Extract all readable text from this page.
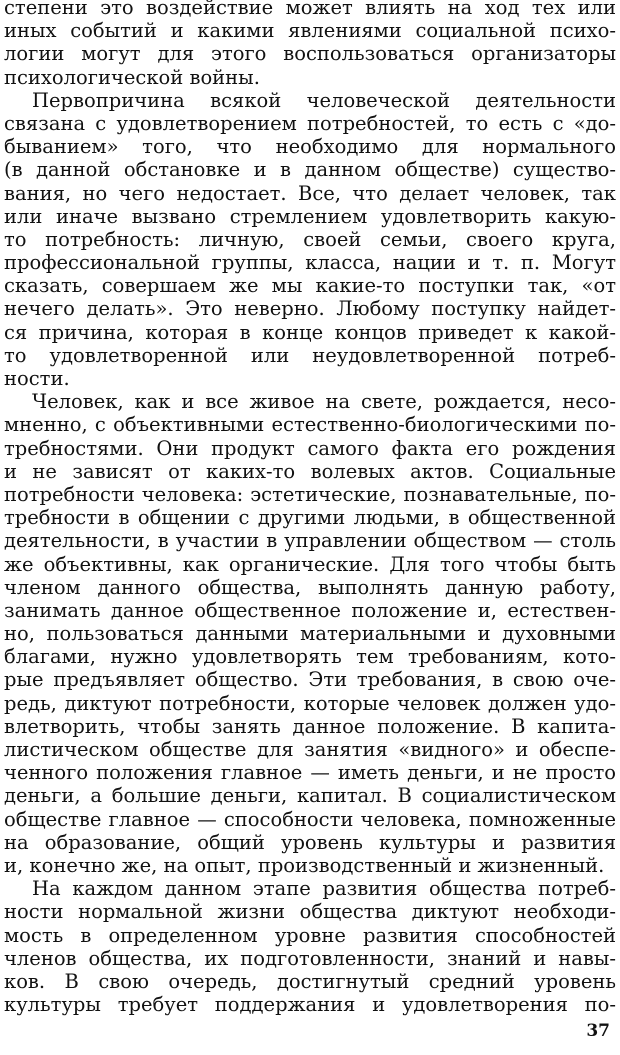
степени это воздействие может влиять на ход тех или
иных событий и какими явлениями социальной психо-
логии могут для этого воспользоваться организаторы
психологической войны.
Первопричина всякой человеческой деятельности
связана с удовлетворением потребностей, то есть с «до-
быванием» того, что необходимо для нормального
(в данной обстановке и в данном обществе) существо-
вания, но чего недостает. Все, что делает человек, так
или иначе вызвано стремлением удовлетворить какую-
то потребность: личную, своей семьи, своего круга,
профессиональной группы, класса, нации и т. п. Могут
сказать, совершаем же мы какие-то поступки так, «от
нечего делать». Это неверно. Любому поступку найдет-
ся причина, которая в конце концов приведет к какой-
то удовлетворенной или неудовлетворенной потреб-
ности.
Человек, как и все живое на свете, рождается, несо-
мненно, с объективными естественно-биологическими по-
требностями. Они продукт самого факта его рождения
и не зависят от каких-то волевых актов. Социальные
потребности человека: эстетические, познавательные, по-
требности в общении с другими людьми, в общественной
деятельности, в участии в управлении обществом — столь
же объективны, как органические. Для того чтобы быть
членом данного общества, выполнять данную работу,
занимать данное общественное положение и, естествен-
но, пользоваться данными материальными и духовными
благами, нужно удовлетворять тем требованиям, кото-
рые предъявляет общество. Эти требования, в свою оче-
редь, диктуют потребности, которые человек должен удо-
влетворить, чтобы занять данное положение. В капита-
листическом обществе для занятия «видного» и обеспе-
ченного положения главное — иметь деньги, и не просто
деньги, а большие деньги, капитал. В социалистическом
обществе главное — способности человека, помноженные
на образование, общий уровень культуры и развития
и, конечно же, на опыт, производственный и жизненный.
На каждом данном этапе развития общества потреб-
ности нормальной жизни общества диктуют необходи-
мость в определенном уровне развития способностей
членов общества, их подготовленности, знаний и навы-
ков. В свою очередь, достигнутый средний уровень
культуры требует поддержания и удовлетворения по-
37
